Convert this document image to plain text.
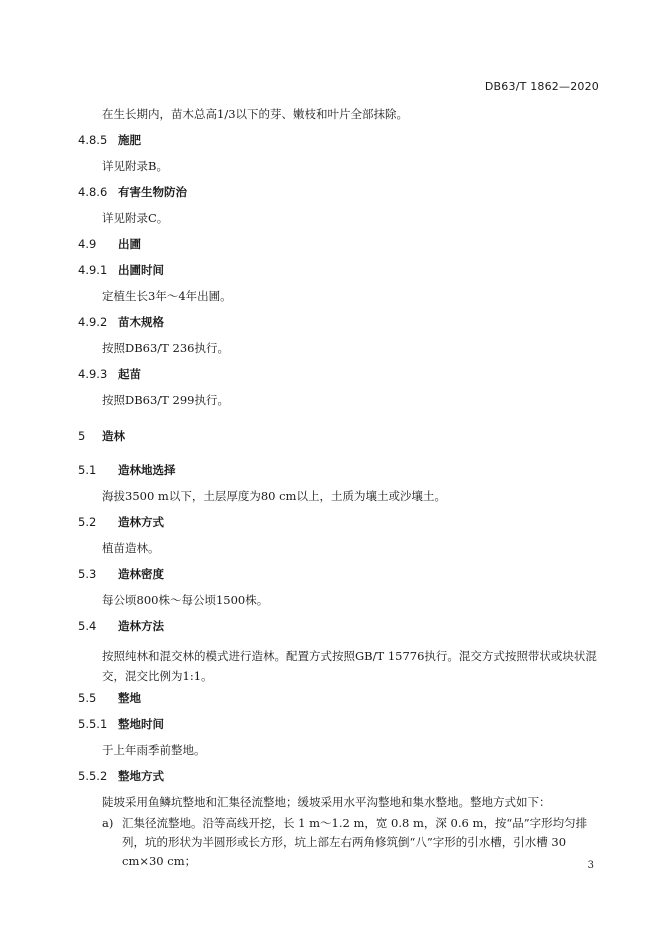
DB63/T 1862—2020
在生长期内，苗木总高1/3以下的芽、嫩枝和叶片全部抹除。
4.8.5 施肥
详见附录B。
4.8.6 有害生物防治
详见附录C。
4.9 出圃
4.9.1 出圃时间
定植生长3年～4年出圃。
4.9.2 苗木规格
按照DB63/T 236执行。
4.9.3 起苗
按照DB63/T 299执行。
5 造林
5.1 造林地选择
海拔3500 m以下，土层厚度为80 cm以上，土质为壤土或沙壤土。
5.2 造林方式
植苗造林。
5.3 造林密度
每公顷800株～每公顷1500株。
5.4 造林方法
按照纯林和混交林的模式进行造林。配置方式按照GB/T 15776执行。混交方式按照带状或块状混交，混交比例为1:1。
5.5 整地
5.5.1 整地时间
于上年雨季前整地。
5.5.2 整地方式
陡坡采用鱼鳞坑整地和汇集径流整地；缓坡采用水平沟整地和集水整地。整地方式如下：
a) 汇集径流整地。沿等高线开挖，长 1 m～1.2 m，宽 0.8 m，深 0.6 m，按“品”字形均匀排列，坑的形状为半圆形或长方形，坑上部左右两角修筑倒“八”字形的引水槽，引水槽 30 cm×30 cm；	3
